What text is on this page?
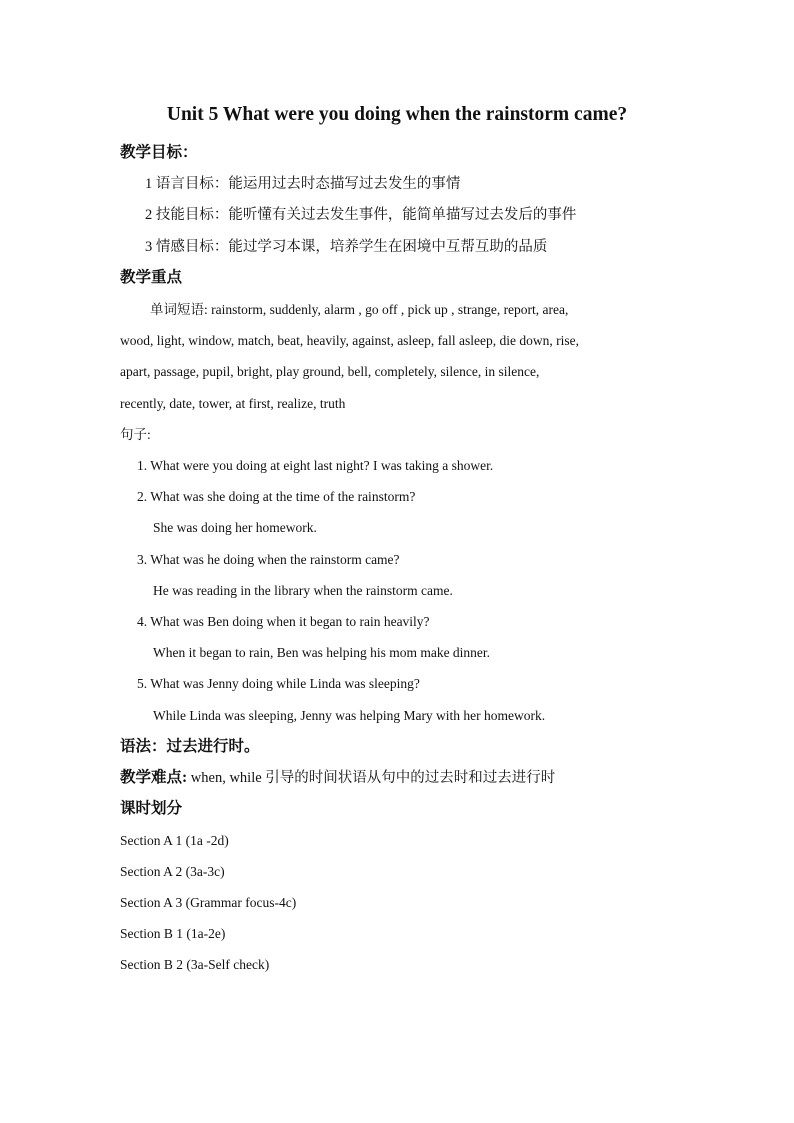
Unit 5 What were you doing when the rainstorm came?
教学目标：
1 语言目标：能运用过去时态描写过去发生的事情
2 技能目标：能听懂有关过去发生事件，能简单描写过去发后的事件
3 情感目标：能过学习本课，培养学生在困境中互帮互助的品质
教学重点
单词短语: rainstorm, suddenly, alarm , go off , pick up , strange, report, area,
wood, light, window, match, beat, heavily, against, asleep, fall asleep, die down, rise,
apart, passage, pupil, bright, play ground, bell, completely, silence, in silence,
recently, date, tower, at first, realize, truth
句子:
1. What were you doing at eight last night? I was taking a shower.
2. What was she doing at the time of the rainstorm?
She was doing her homework.
3. What was he doing when the rainstorm came?
He was reading in the library when the rainstorm came.
4. What was Ben doing when it began to rain heavily?
When it began to rain, Ben was helping his mom make dinner.
5. What was Jenny doing while Linda was sleeping?
While Linda was sleeping, Jenny was helping Mary with her homework.
语法：过去进行时。
教学难点: when, while 引导的时间状语从句中的过去时和过去进行时
课时划分
Section A 1 (1a -2d)
Section A 2 (3a-3c)
Section A 3 (Grammar focus-4c)
Section B 1 (1a-2e)
Section B 2 (3a-Self check)
